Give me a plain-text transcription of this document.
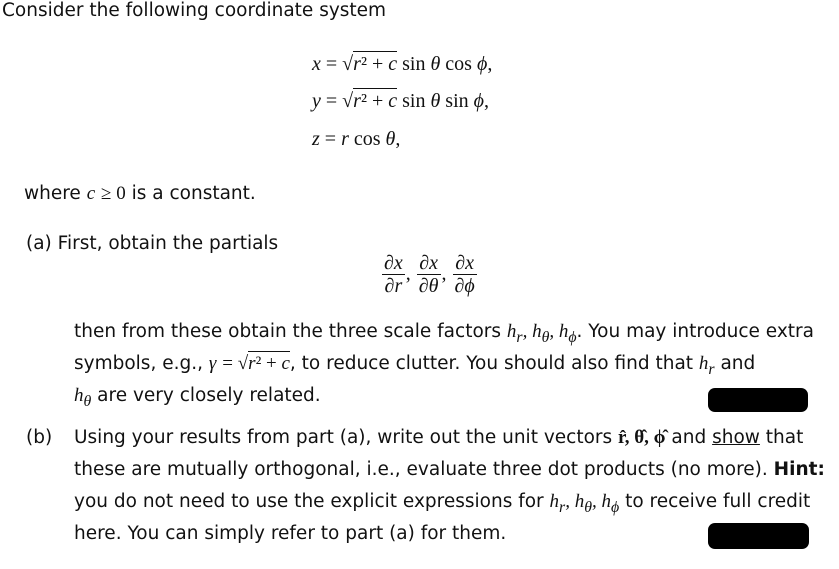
Consider the following coordinate system
x = √r² + c sin θ cos ϕ,
y = √r² + c sin θ sin ϕ,
z = r cos θ,
where c ≥ 0 is a constant.
(a) First, obtain the partials
$\frac{\partial x}{\partial r}$ , $\frac{\partial x}{\partial\theta}$ , $\frac{\partial x}{\partial\phi}$
then from these obtain the three scale factors $h_r$, $h_\theta$, $h_\phi$. You may introduce extra
symbols, e.g., γ = √r² + c, to reduce clutter. You should also find that $h_r$ and
$h_\theta$ are very closely related.
(b) Using your results from part (a), write out the unit vectors r̂, θ̂, ϕ̂ and show that
these are mutually orthogonal, i.e., evaluate three dot products (no more). Hint:
you do not need to use the explicit expressions for $h_r$, $h_\theta$, $h_\phi$ to receive full credit
here. You can simply refer to part (a) for them.
